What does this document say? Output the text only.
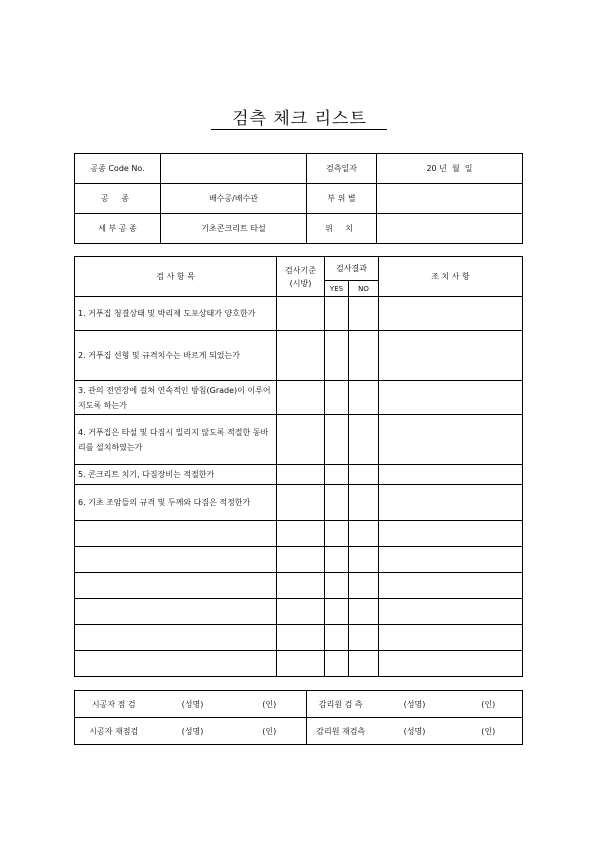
검측 체크 리스트
공종 Code No.		검측일자	20 년  월  일
공 종	배수공/배수관	부 위 별	
세 부 공 종	기초콘크리트 타설	위 치	
검 사 항 목	검사기준
(시방)	검사결과		조 치 사 항
		YES	NO	
1. 거푸집 청결상태 및 박리제 도포상태가 양호한가				
2. 거푸집 선형 및 규격치수는 바르게 되었는가				
3. 관의 전연장에 걸쳐 연속적인 방침(Grade)이 이루어지도록 하는가				
4. 거푸집은 타설 및 다짐시 밀리지 않도록 적절한 동바리를 설치하였는가				
5. 콘크리트 치기, 다짐장비는 적절한가				
6. 기초 조암들의 규격 및 두께와 다짐은 적정한가				

시공자 점 검	(성명)	(인)	감리원 검 측	(성명)	(인)
시공자 재점검	(성명)	(인)	감리원 재검측	(성명)	(인)
